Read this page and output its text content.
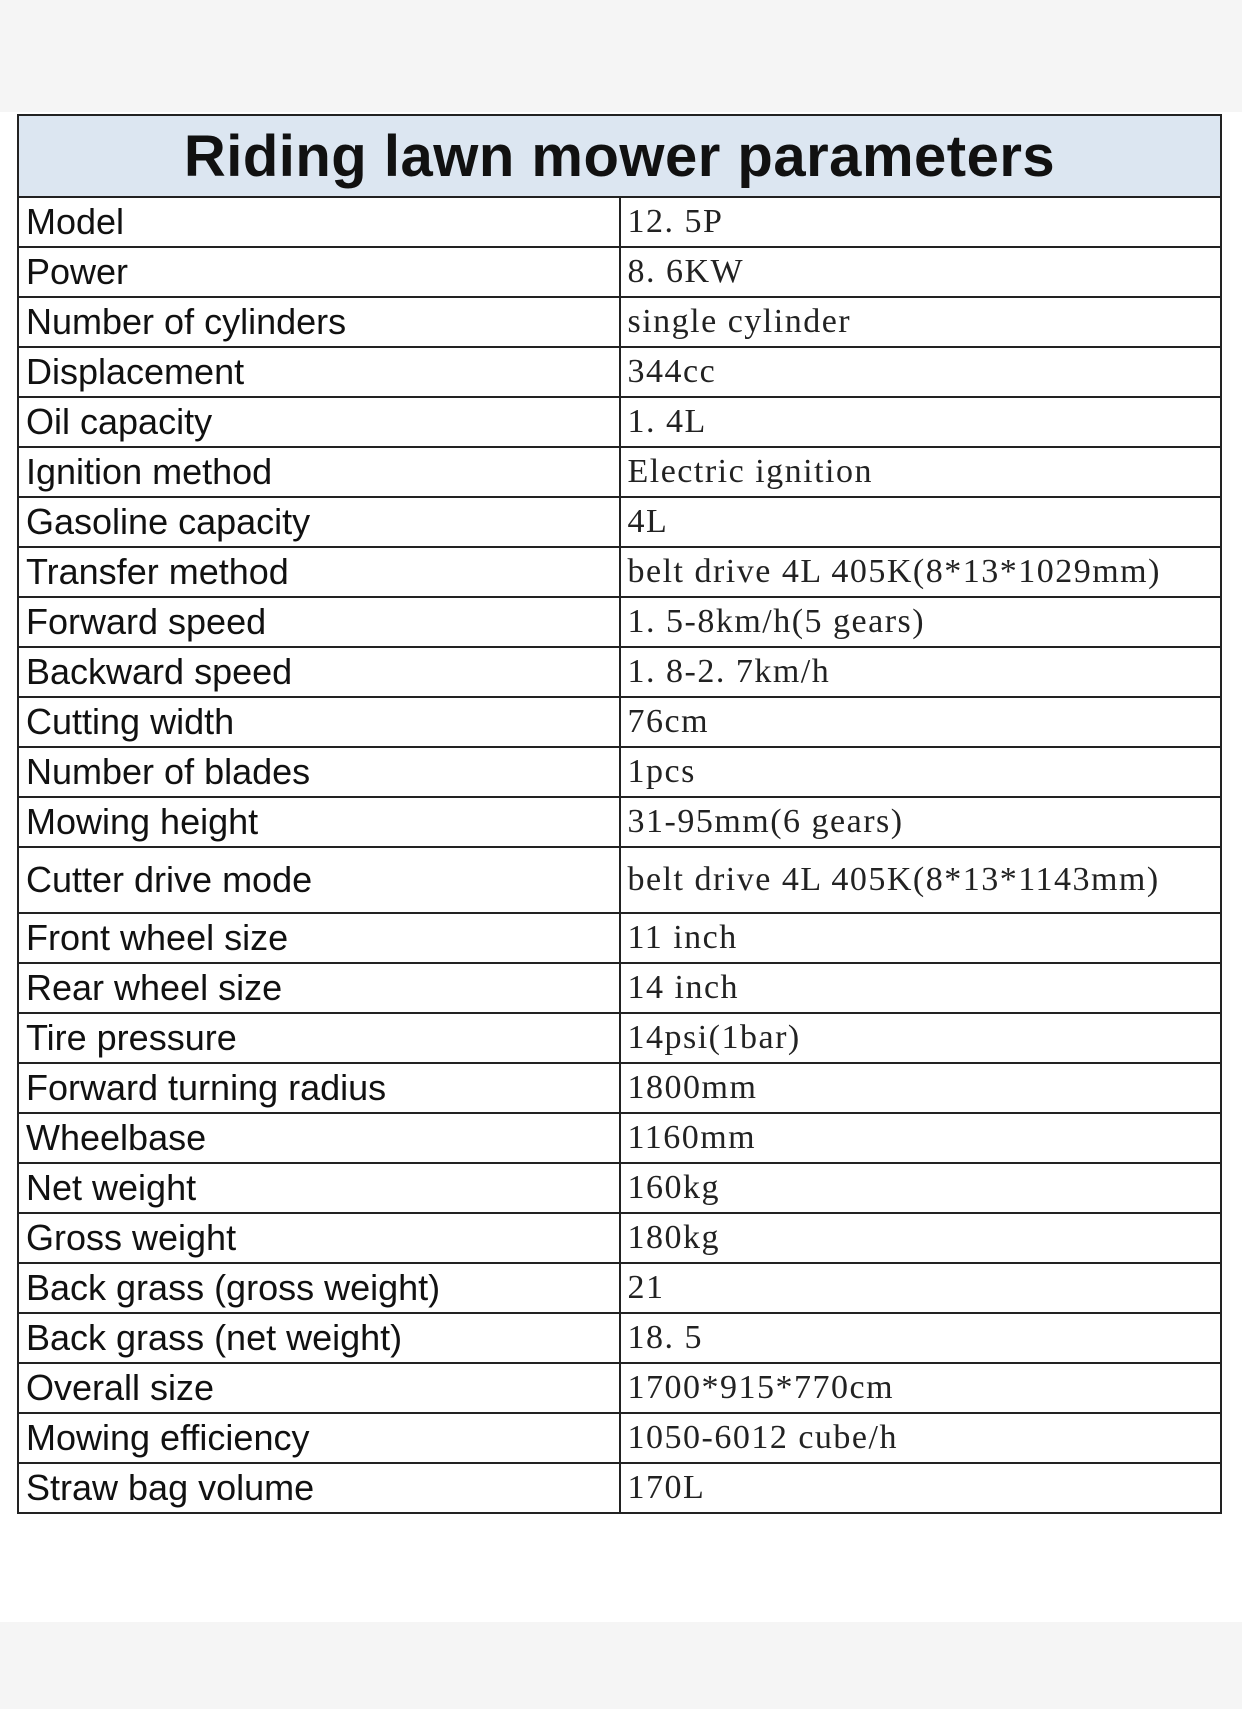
Riding lawn mower parameters	
Model	12. 5P
Power	8. 6KW
Number of cylinders	single cylinder
Displacement	344cc
Oil capacity	1. 4L
Ignition method	Electric ignition
Gasoline capacity	4L
Transfer method	belt drive 4L 405K(8*13*1029mm)
Forward speed	1. 5-8km/h(5 gears)
Backward speed	1. 8-2. 7km/h
Cutting width	76cm
Number of blades	1pcs
Mowing height	31-95mm(6 gears)
Cutter drive mode	belt drive 4L 405K(8*13*1143mm)
Front wheel size	11 inch
Rear wheel size	14 inch
Tire pressure	14psi(1bar)
Forward turning radius	1800mm
Wheelbase	1160mm
Net weight	160kg
Gross weight	180kg
Back grass (gross weight)	21
Back grass (net weight)	18. 5
Overall size	1700*915*770cm
Mowing efficiency	1050-6012 cube/h
Straw bag volume	170L
